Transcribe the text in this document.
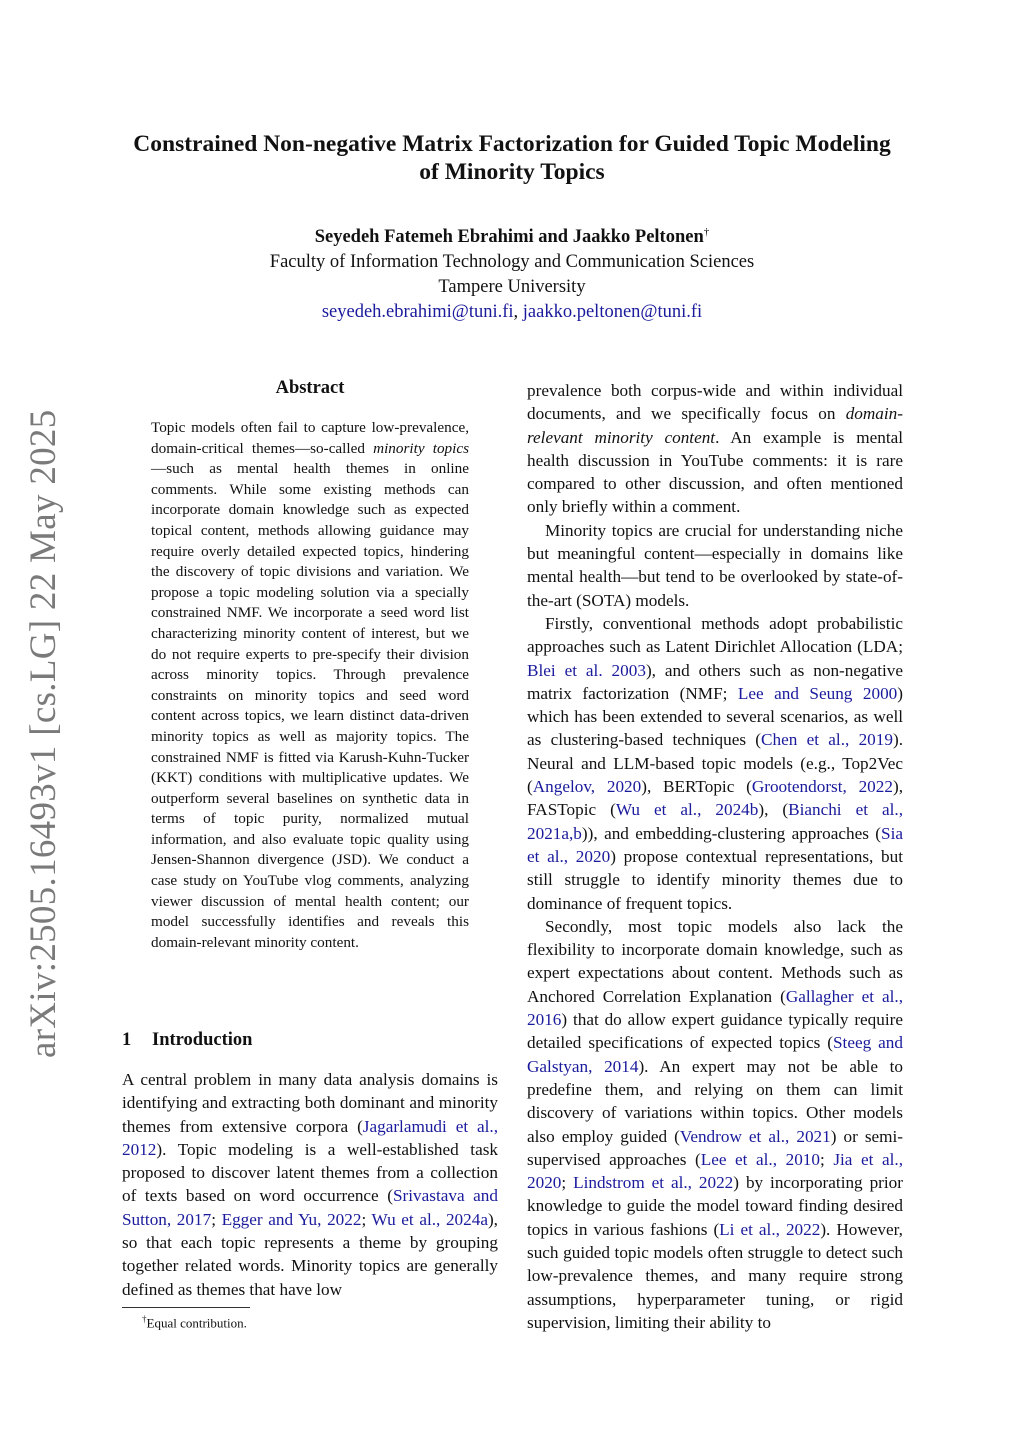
arXiv:2505.16493v1 [cs.LG] 22 May 2025
Constrained Non-negative Matrix Factorization for Guided Topic Modeling
of Minority Topics
Seyedeh Fatemeh Ebrahimi and Jaakko Peltonen†
Faculty of Information Technology and Communication Sciences
Tampere University
seyedeh.ebrahimi@tuni.fi, jaakko.peltonen@tuni.fi
Abstract

Topic models often fail to capture low-prevalence, domain-critical themes—so-called minority topics—such as mental health themes in online comments. While some existing methods can incorporate domain knowledge such as expected topical content, methods allowing guidance may require overly detailed expected topics, hindering the discovery of topic divisions and variation. We propose a topic modeling solution via a specially constrained NMF. We incorporate a seed word list characterizing minority content of interest, but we do not require experts to pre-specify their division across minority topics. Through prevalence constraints on minority topics and seed word content across topics, we learn distinct data-driven minority topics as well as majority topics. The constrained NMF is fitted via Karush-Kuhn-Tucker (KKT) conditions with multiplicative updates. We outperform several baselines on synthetic data in terms of topic purity, normalized mutual information, and also evaluate topic quality using Jensen-Shannon divergence (JSD). We conduct a case study on YouTube vlog comments, analyzing viewer discussion of mental health content; our model successfully identifies and reveals this domain-relevant minority content.

1 Introduction

A central problem in many data analysis domains is identifying and extracting both dominant and minority themes from extensive corpora (Jagarlamudi et al., 2012). Topic modeling is a well-established task proposed to discover latent themes from a collection of texts based on word occurrence (Srivastava and Sutton, 2017; Egger and Yu, 2022; Wu et al., 2024a), so that each topic represents a theme by grouping together related words. Minority topics are generally defined as themes that have low

prevalence both corpus-wide and within individual documents, and we specifically focus on domain-relevant minority content. An example is mental health discussion in YouTube comments: it is rare compared to other discussion, and often mentioned only briefly within a comment.

Minority topics are crucial for understanding niche but meaningful content—especially in domains like mental health—but tend to be overlooked by state-of-the-art (SOTA) models.

Firstly, conventional methods adopt probabilistic approaches such as Latent Dirichlet Allocation (LDA; Blei et al. 2003), and others such as non-negative matrix factorization (NMF; Lee and Seung 2000) which has been extended to several scenarios, as well as clustering-based techniques (Chen et al., 2019). Neural and LLM-based topic models (e.g., Top2Vec (Angelov, 2020), BERTopic (Grootendorst, 2022), FASTopic (Wu et al., 2024b), (Bianchi et al., 2021a,b)), and embedding-clustering approaches (Sia et al., 2020) propose contextual representations, but still struggle to identify minority themes due to dominance of frequent topics.

Secondly, most topic models also lack the flexibility to incorporate domain knowledge, such as expert expectations about content. Methods such as Anchored Correlation Explanation (Gallagher et al., 2016) that do allow expert guidance typically require detailed specifications of expected topics (Steeg and Galstyan, 2014). An expert may not be able to predefine them, and relying on them can limit discovery of variations within topics. Other models also employ guided (Vendrow et al., 2021) or semi-supervised approaches (Lee et al., 2010; Jia et al., 2020; Lindstrom et al., 2022) by incorporating prior knowledge to guide the model toward finding desired topics in various fashions (Li et al., 2022). However, such guided topic models often struggle to detect such low-prevalence themes, and many require strong assumptions, hyperparameter tuning, or rigid supervision, limiting their ability to

†Equal contribution.
